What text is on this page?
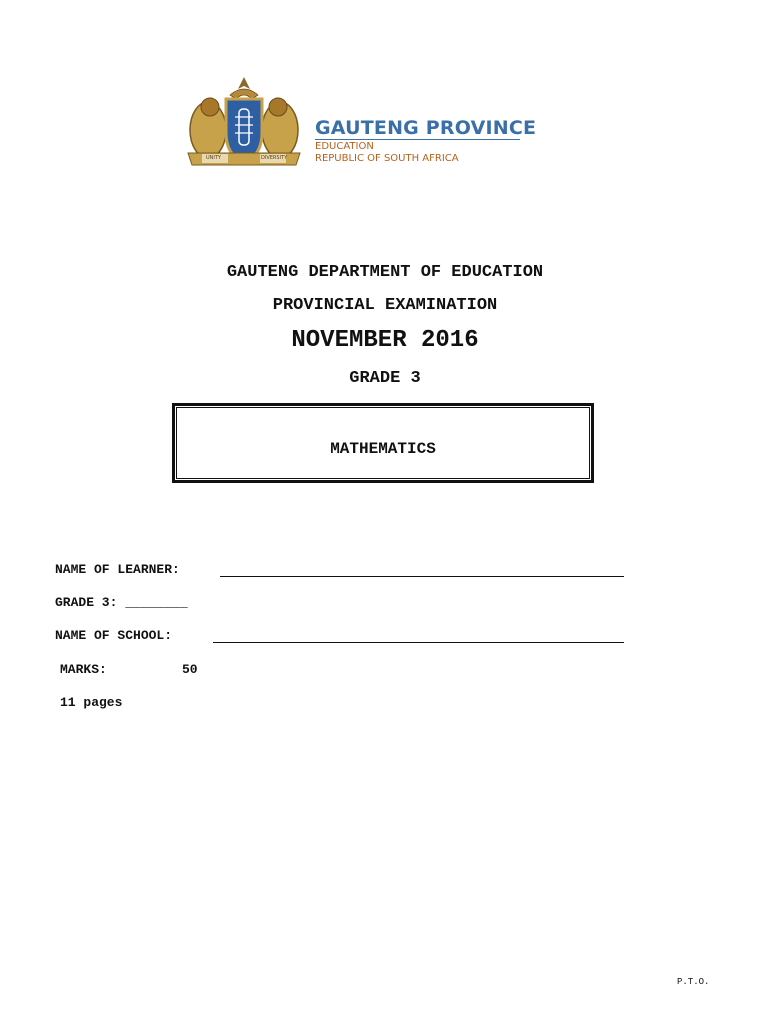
UNITY	DIVERSITY
GAUTENG PROVINCE
EDUCATION
REPUBLIC OF SOUTH AFRICA
GAUTENG DEPARTMENT OF EDUCATION
PROVINCIAL EXAMINATION
NOVEMBER 2016
GRADE 3
MATHEMATICS
NAME OF LEARNER:
GRADE 3: ________
NAME OF SCHOOL:
MARKS:	50
11 pages
P.T.O.
